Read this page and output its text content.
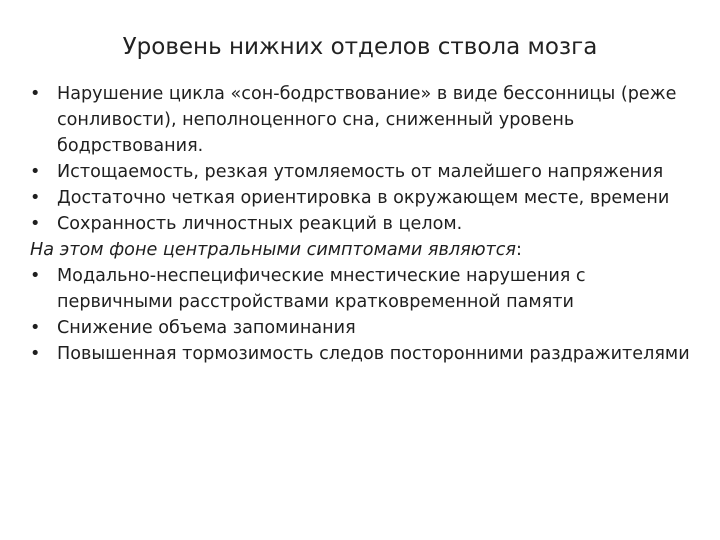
Уровень нижних отделов ствола мозга
• Нарушение цикла «сон-бодрствование» в виде бессонницы (реже сонливости), неполноценного сна, сниженный уровень бодрствования.
• Истощаемость, резкая утомляемость от малейшего напряжения
• Достаточно четкая ориентировка в окружающем месте, времени
• Сохранность личностных реакций в целом.
На этом фоне центральными симптомами являются:
• Модально-неспецифические мнестические нарушения с первичными расстройствами кратковременной памяти
• Снижение объема запоминания
• Повышенная тормозимость следов посторонними раздражителями
